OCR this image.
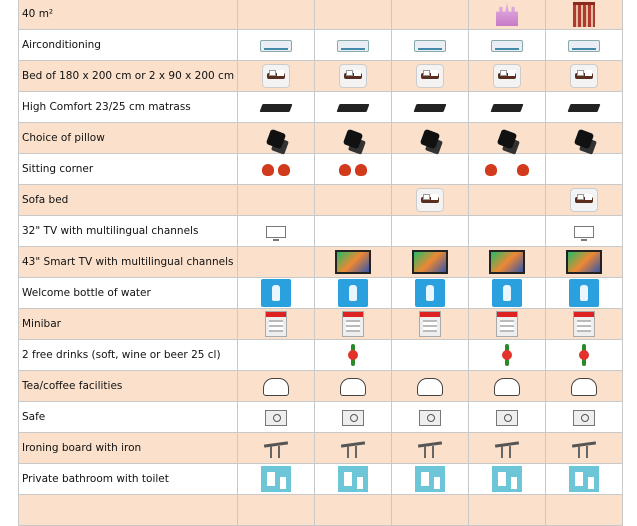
40 m²					
Airconditioning					
Bed of 180 x 200 cm or 2 x 90 x 200 cm					
High Comfort 23/25 cm matrass					
Choice of pillow					
Sitting corner					
Sofa bed					
32" TV with multilingual channels					
43" Smart TV with multilingual channels					
Welcome bottle of water					
Minibar					
2 free drinks (soft, wine or beer 25 cl)					
Tea/coffee facilities					
Safe					
Ironing board with iron					
Private bathroom with toilet					
